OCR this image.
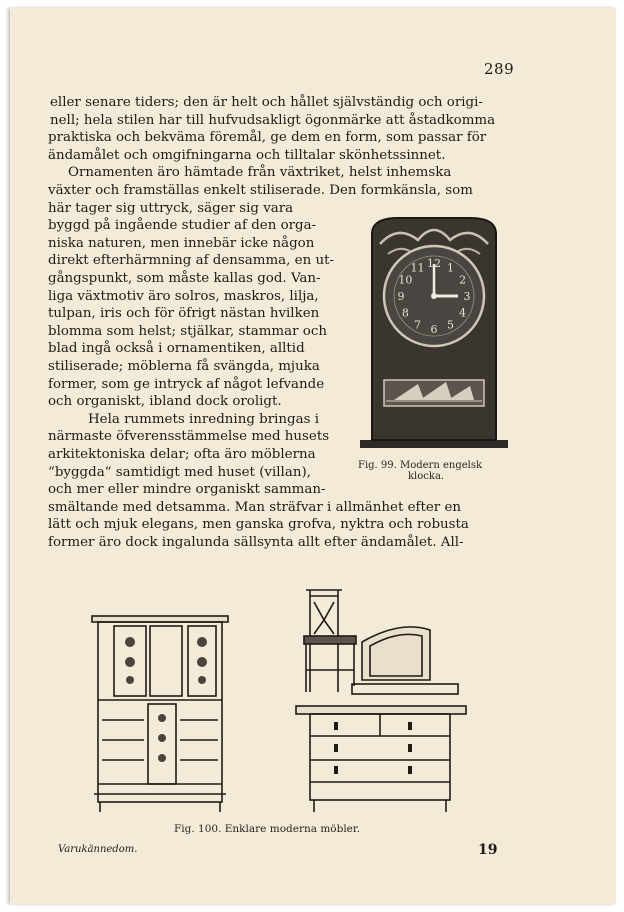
289
eller senare tiders; den är helt och hållet självständig och origi-
nell; hela stilen har till hufvudsakligt ögonmärke att åstadkomma
praktiska och bekväma föremål, ge dem en form, som passar för
ändamålet och omgifningarna och tilltalar skönhetssinnet.
Ornamenten äro hämtade från växtriket, helst inhemska
växter och framställas enkelt stiliserade. Den formkänsla, som
här tager sig uttryck, säger sig vara
byggd på ingående studier af den orga-
niska naturen, men innebär icke någon
direkt efterhärmning af densamma, en ut-
gångspunkt, som måste kallas god. Van-
liga växtmotiv äro solros, maskros, lilja,
tulpan, iris och för öfrigt nästan hvilken
blomma som helst; stjälkar, stammar och
blad ingå också i ornamentiken, alltid
stiliserade; möblerna få svängda, mjuka
former, som ge intryck af något lefvande
och organiskt, ibland dock oroligt.
Hela rummets inredning bringas i
närmaste öfverensstämmelse med husets
arkitektoniska delar; ofta äro möblerna
“byggda“ samtidigt med huset (villan),
och mer eller mindre organiskt samman-
smältande med detsamma. Man sträfvar i allmänhet efter en
lätt och mjuk elegans, men ganska grofva, nyktra och robusta
former äro dock ingalunda sällsynta allt efter ändamålet. All-
1
2
3
4
5
6
7
8
9
10
11 12
Fig. 99. Modern engelsk
klocka.
Fig. 100. Enklare moderna möbler.
Varukännedom.	19
